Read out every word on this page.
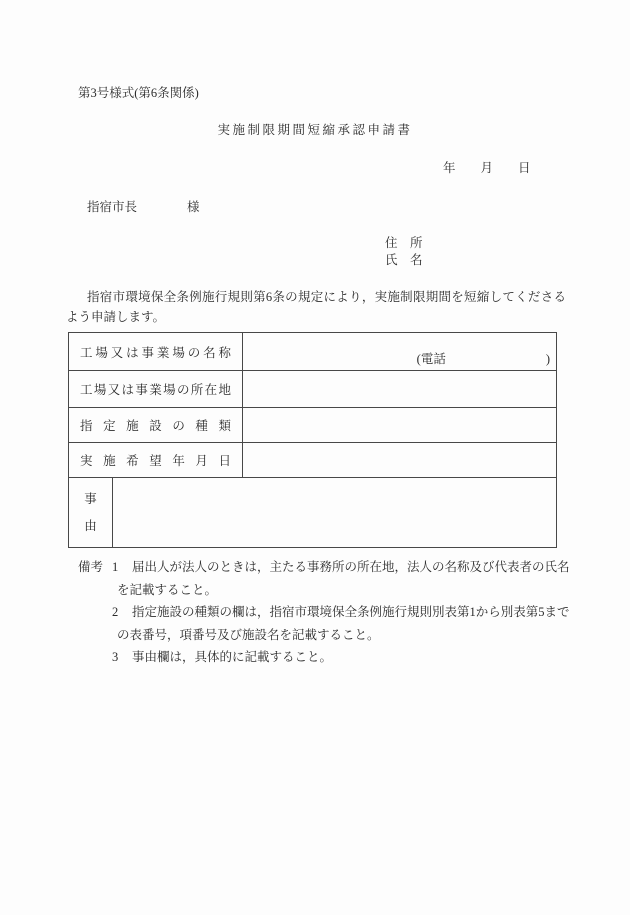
第3号様式(第6条関係)
実施制限期間短縮承認申請書
年　　月　　日
指宿市長　　　　様
住　所
氏　名
指宿市環境保全条例施行規則第6条の規定により，実施制限期間を短縮してくださるよう申請します。
工場又は事業場の名称	(電話　　　　　　　　)
工場又は事業場の所在地
指定施設の種類
実施希望年月日
事由
備考 1	届出人が法人のときは，主たる事務所の所在地，法人の名称及び代表者の氏名
を記載すること。
2	指定施設の種類の欄は，指宿市環境保全条例施行規則別表第1から別表第5まで
の表番号，項番号及び施設名を記載すること。
3	事由欄は，具体的に記載すること。
